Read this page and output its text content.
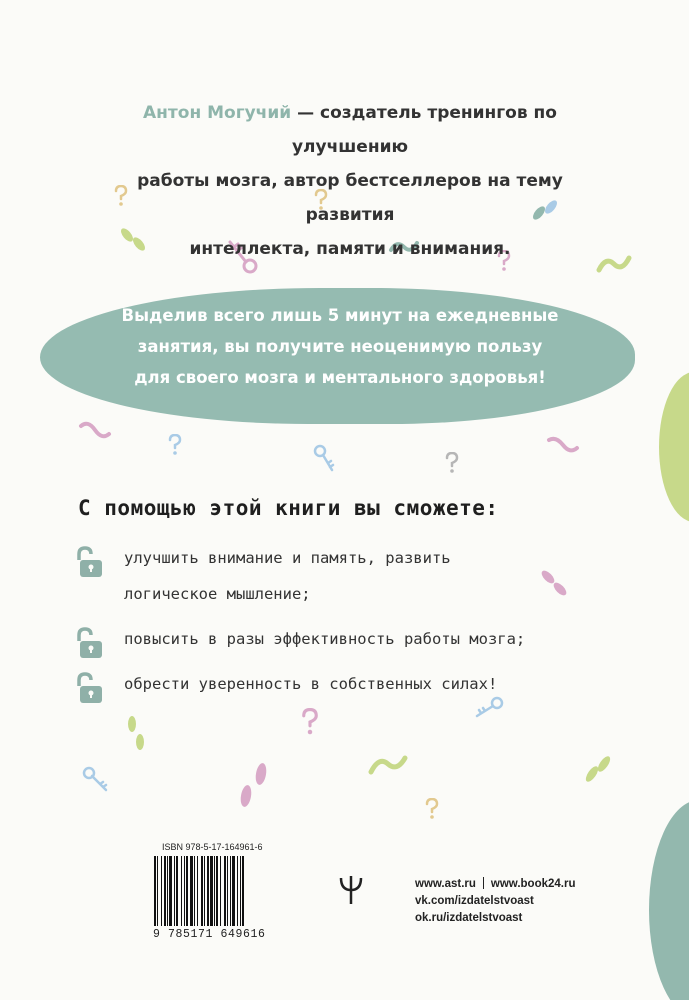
Антон Могучий — создатель тренингов по улучшению
работы мозга, автор бестселлеров на тему развития
интеллекта, памяти и внимания.
Выделив всего лишь 5 минут на ежедневные
занятия, вы получите неоценимую пользу
для своего мозга и ментального здоровья!
С помощью этой книги вы сможете:
улучшить внимание и память, развить
логическое мышление;
повысить в разы эффективность работы мозга;
обрести уверенность в собственных силах!
ISBN 978-5-17-164961-6
9 785171 649616
www.ast.ru www.book24.ru
vk.com/izdatelstvoast
ok.ru/izdatelstvoast
